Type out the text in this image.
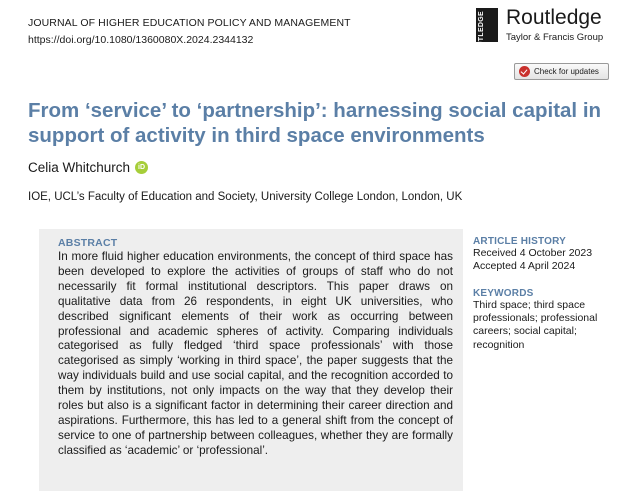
JOURNAL OF HIGHER EDUCATION POLICY AND MANAGEMENT
https://doi.org/10.1080/1360080X.2024.2344132	ROUTLEDGE Routledge
Taylor & Francis Group
Check for updates
From ‘service’ to ‘partnership’: harnessing social capital in support of activity in third space environments
Celia Whitchurch	iD
IOE, UCL’s Faculty of Education and Society, University College London, London, UK
ABSTRACT

In more fluid higher education environments, the concept of third space has been developed to explore the activities of groups of staff who do not necessarily fit formal institutional descriptors. This paper draws on qualitative data from 26 respondents, in eight UK universities, who described significant elements of their work as occurring between professional and academic spheres of activity. Comparing individuals categorised as fully fledged ‘third space professionals’ with those categorised as simply ‘working in third space’, the paper suggests that the way individuals build and use social capital, and the recognition accorded to them by institutions, not only impacts on the way that they develop their roles but also is a significant factor in determining their career direction and aspirations. Furthermore, this has led to a general shift from the concept of service to one of partnership between colleagues, whether they are formally classified as ‘academic’ or ‘professional’.

ARTICLE HISTORY
Received 4 October 2023
Accepted 4 April 2024
KEYWORDS
Third space; third space professionals; professional careers; social capital; recognition
